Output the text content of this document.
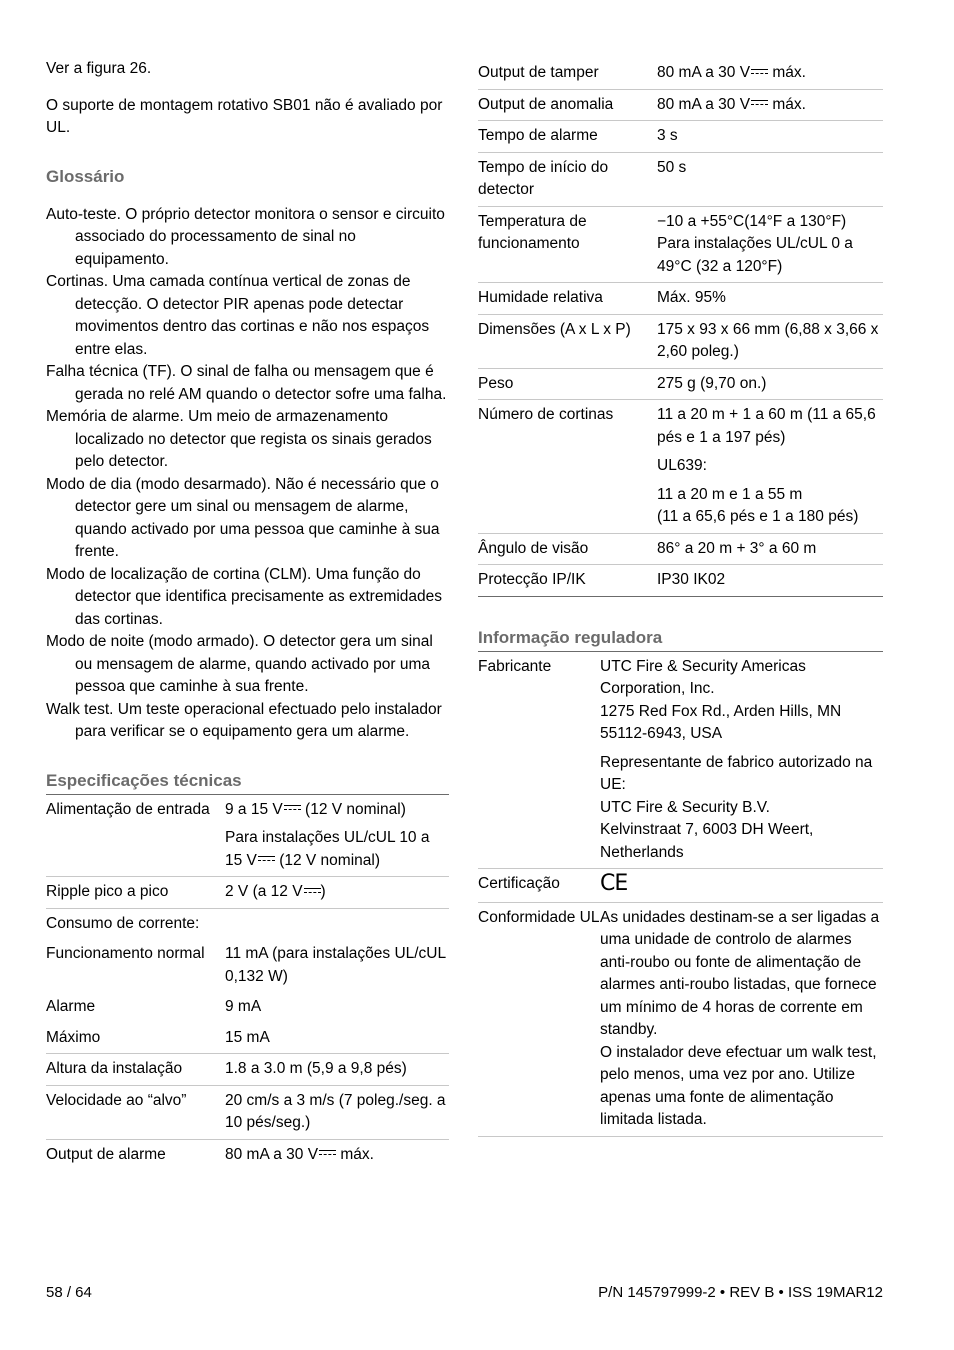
Ver a figura 26.

O suporte de montagem rotativo SB01 não é avaliado por UL.

Glossário

Auto-teste. O próprio detector monitora o sensor e circuito associado do processamento de sinal no equipamento.

Cortinas. Uma camada contínua vertical de zonas de detecção. O detector PIR apenas pode detectar movimentos dentro das cortinas e não nos espaços entre elas.

Falha técnica (TF). O sinal de falha ou mensagem que é gerada no relé AM quando o detector sofre uma falha.

Memória de alarme. Um meio de armazenamento localizado no detector que regista os sinais gerados pelo detector.

Modo de dia (modo desarmado). Não é necessário que o detector gere um sinal ou mensagem de alarme, quando activado por uma pessoa que caminhe à sua frente.

Modo de localização de cortina (CLM). Uma função do detector que identifica precisamente as extremidades das cortinas.

Modo de noite (modo armado). O detector gera um sinal ou mensagem de alarme, quando activado por uma pessoa que caminhe à sua frente.

Walk test. Um teste operacional efectuado pelo instalador para verificar se o equipamento gera um alarme.

Especificações técnicas
Alimentação de entrada	9 a 15 V (12 V nominal)
Para instalações UL/cUL 10 a 15 V (12 V nominal)

Ripple pico a pico	2 V (a 12 V )
Consumo de corrente:	
Funcionamento normal	11 mA (para instalações UL/cUL 0,132 W)
Alarme	9 mA
Máximo	15 mA
Altura da instalação	1.8 a 3.0 m (5,9 a 9,8 pés)
Velocidade ao “alvo”	20 cm/s a 3 m/s (7 poleg./seg. a 10 pés/seg.)
Output de alarme	80 mA a 30 V máx.
Output de tamper	80 mA a 30 V máx.
Output de anomalia	80 mA a 30 V máx.
Tempo de alarme	3 s
Tempo de início do detector	50 s
Temperatura de funcionamento	−10 a +55°C(14°F a 130°F)
Para instalações UL/cUL 0 a 49°C (32 a 120°F)

Humidade relativa	Máx. 95%
Dimensões (A x L x P)	175 x 93 x 66 mm (6,88 x 3,66 x 2,60 poleg.)
Peso	275 g (9,70 on.)
Número de cortinas	11 a 20 m + 1 a 60 m (11 a 65,6 pés e 1 a 197 pés)
UL639:
11 a 20 m e 1 a 55 m
(11 a 65,6 pés e 1 a 180 pés)

Ângulo de visão	86° a 20 m + 3° a 60 m
Protecção IP/IK	IP30 IK02
Informação reguladora
Fabricante	UTC Fire & Security Americas Corporation, Inc.
1275 Red Fox Rd., Arden Hills, MN 55112-6943, USA
Representante de fabrico autorizado na UE:
UTC Fire & Security B.V.
Kelvinstraat 7, 6003 DH Weert, Netherlands

Certificação	CE
Conformidade UL	As unidades destinam-se a ser ligadas a uma unidade de controlo de alarmes anti-roubo ou fonte de alimentação de alarmes anti-roubo listadas, que fornece um mínimo de 4 horas de corrente em standby.
O instalador deve efectuar um walk test, pelo menos, uma vez por ano. Utilize apenas uma fonte de alimentação limitada listada.
58 / 64	P/N 145797999-2 • REV B • ISS 19MAR12
